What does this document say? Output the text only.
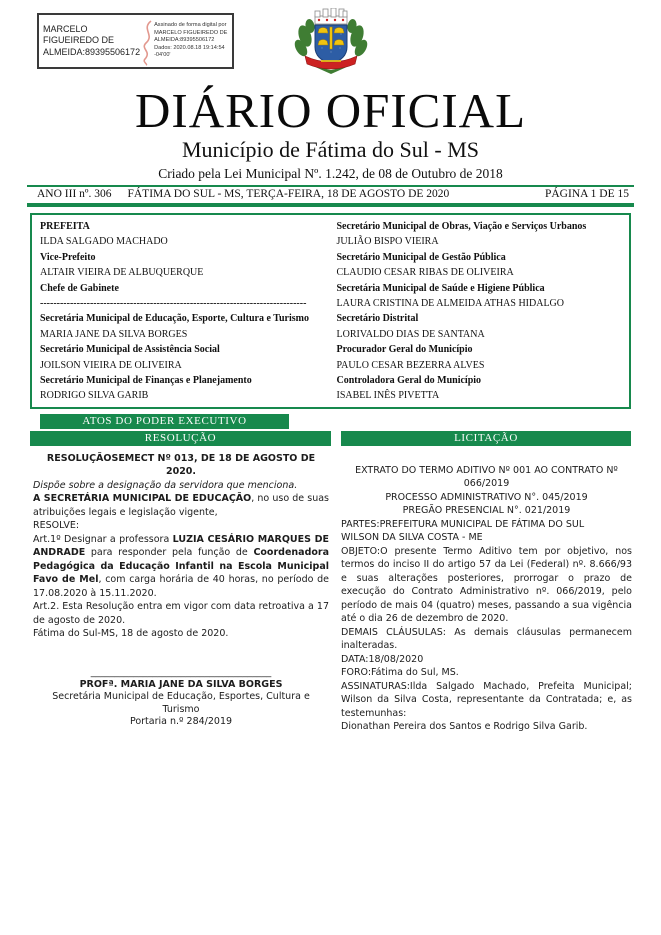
MARCELO FIGUEIREDO DE ALMEIDA:89395506172
Assinado de forma digital por MARCELO FIGUEIREDO DE ALMEIDA:89395506172 Dados: 2020.08.18 19:14:54 -04'00'
DIÁRIO OFICIAL
Município de Fátima do Sul - MS
Criado pela Lei Municipal Nº. 1.242, de 08 de Outubro de 2018
ANO III nº. 306 FÁTIMA DO SUL - MS, TERÇA-FEIRA, 18 DE AGOSTO DE 2020	PÁGINA 1 DE 15
PREFEITA
ILDA SALGADO MACHADO
Vice-Prefeito
ALTAIR VIEIRA DE ALBUQUERQUE
Chefe de Gabinete
--------------------------------------------------------------------------------
Secretária Municipal de Educação, Esporte, Cultura e Turismo
MARIA JANE DA SILVA BORGES
Secretário Municipal de Assistência Social
JOILSON VIEIRA DE OLIVEIRA
Secretário Municipal de Finanças e Planejamento
RODRIGO SILVA GARIB
Secretário Municipal de Obras, Viação e Serviços Urbanos
JULIÃO BISPO VIEIRA
Secretário Municipal de Gestão Pública
CLAUDIO CESAR RIBAS DE OLIVEIRA
Secretária Municipal de Saúde e Higiene Pública
LAURA CRISTINA DE ALMEIDA ATHAS HIDALGO
Secretário Distrital
LORIVALDO DIAS DE SANTANA
Procurador Geral do Município
PAULO CESAR BEZERRA ALVES
Controladora Geral do Município
ISABEL INÊS PIVETTA
ATOS DO PODER EXECUTIVO
RESOLUÇÃO	LICITAÇÃO

RESOLUÇÃOSEMECT Nº 013, DE 18 DE AGOSTO DE 2020.

Dispõe sobre a designação da servidora que menciona.

A SECRETÁRIA MUNICIPAL DE EDUCAÇÃO, no uso de suas atribuições legais e legislação vigente,

RESOLVE:

Art.1º Designar a professora LUZIA CESÁRIO MARQUES DE ANDRADE para responder pela função de Coordenadora Pedagógica da Educação Infantil na Escola Municipal Favo de Mel, com carga horária de 40 horas, no período de 17.08.2020 à 15.11.2020.

Art.2. Esta Resolução entra em vigor com data retroativa a 17 de agosto de 2020.

Fátima do Sul-MS, 18 de agosto de 2020.

______________________________________
PROFª. MARIA JANE DA SILVA BORGES
Secretária Municipal de Educação, Esportes, Cultura e Turismo
Portaria n.º 284/2019

EXTRATO DO TERMO ADITIVO Nº 001 AO CONTRATO Nº 066/2019

PROCESSO ADMINISTRATIVO N°. 045/2019

PREGÃO PRESENCIAL N°. 021/2019

PARTES:PREFEITURA MUNICIPAL DE FÁTIMA DO SUL

WILSON DA SILVA COSTA - ME

OBJETO:O presente Termo Aditivo tem por objetivo, nos termos do inciso II do artigo 57 da Lei (Federal) nº. 8.666/93 e suas alterações posteriores, prorrogar o prazo de execução do Contrato Administrativo nº. 066/2019, pelo período de mais 04 (quatro) meses, passando a sua vigência até o dia 26 de dezembro de 2020.

DEMAIS CLÁUSULAS: As demais cláusulas permanecem inalteradas.

DATA:18/08/2020

FORO:Fátima do Sul, MS.

ASSINATURAS:Ilda Salgado Machado, Prefeita Municipal; Wilson da Silva Costa, representante da Contratada; e, as testemunhas:

Dionathan Pereira dos Santos e Rodrigo Silva Garib.
